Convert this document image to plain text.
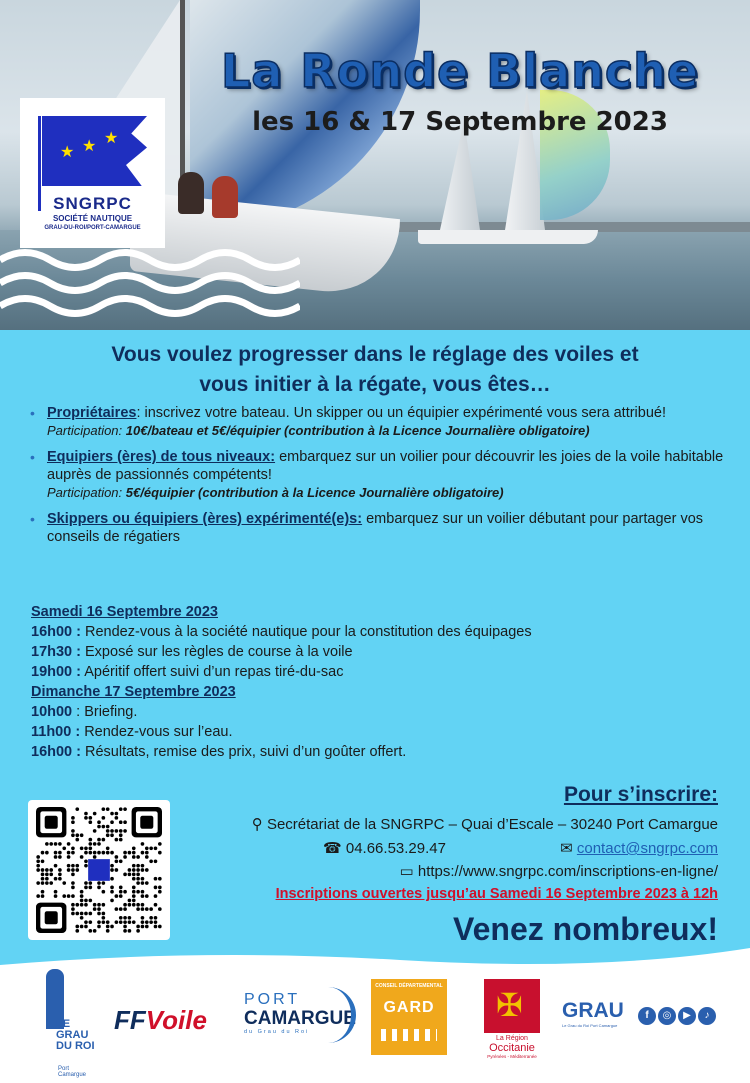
★ ★ ★
SNGRPC
SOCIÉTÉ NAUTIQUE
GRAU-DU-ROI/PORT-CAMARGUE
La Ronde Blanche
les 16 & 17 Septembre 2023
Vous voulez progresser dans le réglage des voiles et
vous initier à la régate, vous êtes…
• Propriétaires: inscrivez votre bateau. Un skipper ou un équipier expérimenté vous sera attribué!
Participation: 10€/bateau et 5€/équipier (contribution à la Licence Journalière obligatoire)
• Equipiers (ères) de tous niveaux: embarquez sur un voilier pour découvrir les joies de la voile habitable auprès de passionnés compétents!
Participation: 5€/équipier (contribution à la Licence Journalière obligatoire)
• Skippers ou équipiers (ères) expérimenté(e)s: embarquez sur un voilier débutant pour partager vos conseils de régatiers
Samedi 16 Septembre 2023
16h00 : Rendez-vous à la société nautique pour la constitution des équipages
17h30 : Exposé sur les règles de course à la voile
19h00 : Apéritif offert suivi d’un repas tiré-du-sac
Dimanche 17 Septembre 2023
10h00 : Briefing.
11h00 : Rendez-vous sur l’eau.
16h00 : Résultats, remise des prix, suivi d’un goûter offert.
Pour s’inscrire:
⚲ Secrétariat de la SNGRPC – Quai d’Escale – 30240 Port Camargue
☎ 04.66.53.29.47	✉ contact@sngrpc.com
▭ https://www.sngrpc.com/inscriptions-en-ligne/
Inscriptions ouvertes jusqu’au Samedi 16 Septembre 2023 à 12h
Venez nombreux!
LE GRAU DU ROI
Port Camargue
FFVoile
PORT
CAMARGUE
du Grau du Roi
CONSEIL DÉPARTEMENTAL
GARD	✠
La Région
Occitanie
Pyrénées - Méditerranée
GRAU
Le Grau du Roi Port Camargue
f ◎ ▶ ♪
